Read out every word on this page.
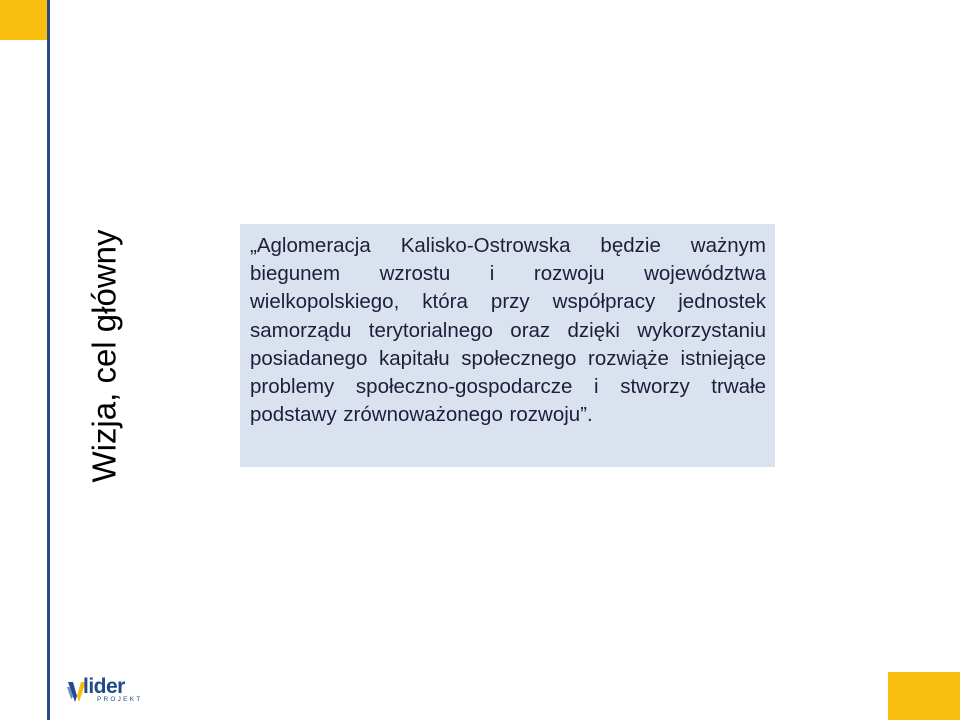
Wizja, cel główny	„Aglomeracja Kalisko-Ostrowska będzie ważnym biegunem wzrostu i rozwoju województwa wielkopolskiego, która przy współpracy jednostek samorządu terytorialnego oraz dzięki wykorzystaniu posiadanego kapitału społecznego rozwiąże istniejące problemy społeczno-gospodarcze i stworzy trwałe podstawy zrównoważonego rozwoju”.

lider
PROJEKT
